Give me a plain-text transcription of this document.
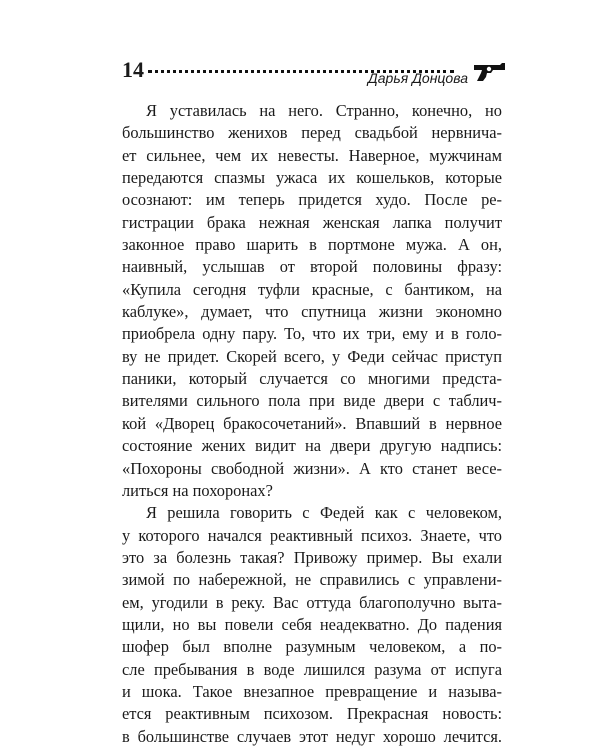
14	Дарья Донцова
Я уставилась на него. Странно, конечно, но
большинство женихов перед свадьбой нервнича-
ет сильнее, чем их невесты. Наверное, мужчинам
передаются спазмы ужаса их кошельков, которые
осознают: им теперь придется худо. После ре-
гистрации брака нежная женская лапка получит
законное право шарить в портмоне мужа. А он,
наивный, услышав от второй половины фразу:
«Купила сегодня туфли красные, с бантиком, на
каблуке», думает, что спутница жизни экономно
приобрела одну пару. То, что их три, ему и в голо-
ву не придет. Скорей всего, у Феди сейчас приступ
паники, который случается со многими предста-
вителями сильного пола при виде двери с таблич-
кой «Дворец бракосочетаний». Впавший в нервное
состояние жених видит на двери другую надпись:
«Похороны свободной жизни». А кто станет весе-
литься на похоронах?
Я решила говорить с Федей как с человеком,
у которого начался реактивный психоз. Знаете, что
это за болезнь такая? Привожу пример. Вы ехали
зимой по набережной, не справились с управлени-
ем, угодили в реку. Вас оттуда благополучно выта-
щили, но вы повели себя неадекватно. До падения
шофер был вполне разумным человеком, а по-
сле пребывания в воде лишился разума от испуга
и шока. Такое внезапное превращение и называ-
ется реактивным психозом. Прекрасная новость:
в большинстве случаев этот недуг хорошо лечится.
